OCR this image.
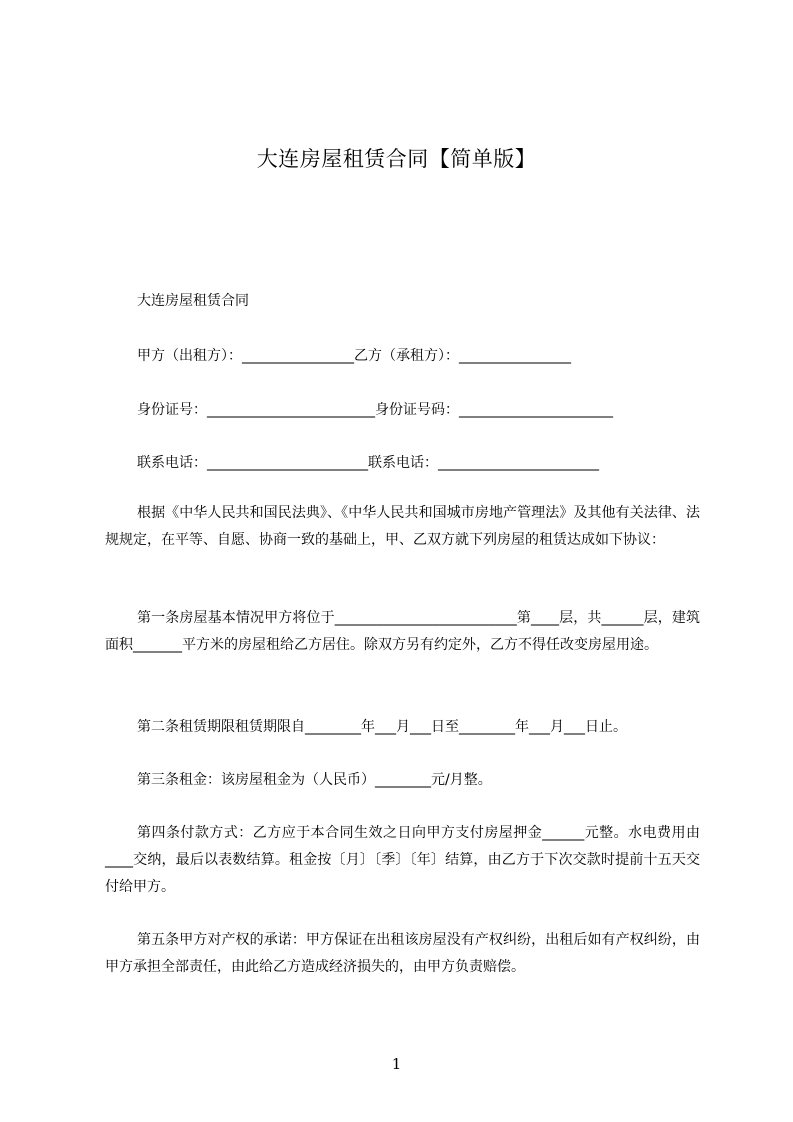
大连房屋租赁合同【简单版】
大连房屋租赁合同
甲方（出租方）：________________乙方（承租方）：________________
身份证号：________________________身份证号码：______________________
联系电话：_______________________联系电话：_______________________
根据《中华人民共和国民法典》、《中华人民共和国城市房地产管理法》及其他有关法律、法规规定，在平等、自愿、协商一致的基础上，甲、乙双方就下列房屋的租赁达成如下协议：
第一条房屋基本情况甲方将位于__________________________第____层，共______层，建筑面积_______平方米的房屋租给乙方居住。除双方另有约定外，乙方不得任改变房屋用途。
第二条租赁期限租赁期限自________年___月___日至________年___月___日止。
第三条租金：该房屋租金为（人民币）________元/月整。
第四条付款方式：乙方应于本合同生效之日向甲方支付房屋押金______元整。水电费用由____交纳，最后以表数结算。租金按〔月〕〔季〕〔年〕结算，由乙方于下次交款时提前十五天交付给甲方。
第五条甲方对产权的承诺：甲方保证在出租该房屋没有产权纠纷，出租后如有产权纠纷，由甲方承担全部责任，由此给乙方造成经济损失的，由甲方负责赔偿。
1
